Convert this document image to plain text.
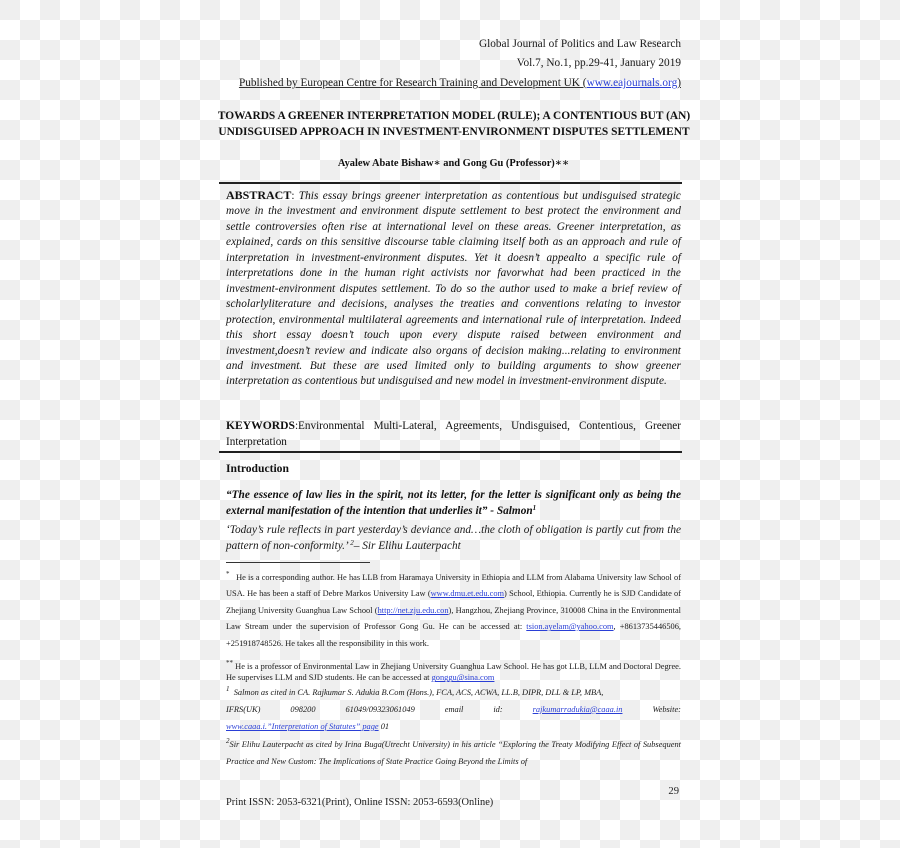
Global Journal of Politics and Law Research
Vol.7, No.1, pp.29-41, January 2019
Published by European Centre for Research Training and Development UK (www.eajournals.org)
TOWARDS A GREENER INTERPRETATION MODEL (RULE); A CONTENTIOUS BUT (AN) UNDISGUISED APPROACH IN INVESTMENT-ENVIRONMENT DISPUTES SETTLEMENT
Ayalew Abate Bishaw∗ and Gong Gu (Professor)∗∗
ABSTRACT: This essay brings greener interpretation as contentious but undisguised strategic move in the investment and environment dispute settlement to best protect the environment and settle controversies often rise at international level on these areas. Greener interpretation, as explained, cards on this sensitive discourse table claiming itself both as an approach and rule of interpretation in investment-environment disputes. Yet it doesn’t appealto a specific rule of interpretations done in the human right activists nor favorwhat had been practiced in the investment-environment disputes settlement. To do so the author used to make a brief review of scholarlyliterature and decisions, analyses the treaties and conventions relating to investor protection, environmental multilateral agreements and international rule of interpretation. Indeed this short essay doesn’t touch upon every dispute raised between environment and investment,doesn’t review and indicate also organs of decision making...relating to environment and investment. But these are used limited only to building arguments to show greener interpretation as contentious but undisguised and new model in investment-environment dispute.
KEYWORDS:Environmental Multi-Lateral, Agreements, Undisguised, Contentious, Greener Interpretation
Introduction
“The essence of law lies in the spirit, not its letter, for the letter is significant only as being the external manifestation of the intention that underlies it” - Salmon$^1$
‘Today’s rule reflects in part yesterday’s deviance and…the cloth of obligation is partly cut from the pattern of non-conformity.’ $^2$– Sir Elihu Lauterpacht
* He is a corresponding author. He has LLB from Haramaya University in Ethiopia and LLM from Alabama University law School of USA. He has been a staff of Debre Markos University Law (www.dmu.et.edu.com) School, Ethiopia. Currently he is SJD Candidate of Zhejiang University Guanghua Law School (http://net.zju.edu.con), Hangzhou, Zhejiang Province, 310008 China in the Environmental Law Stream under the supervision of Professor Gong Gu. He can be accessed at: tsion.ayelam@yahoo.com, +8613735446506, +251918748526. He takes all the responsibility in this work.
** He is a professor of Environmental Law in Zhejiang University Guanghua Law School. He has got LLB, LLM and Doctoral Degree. He supervises LLM and SJD students. He can be accessed at gonggu@sina.com
$^1$ Salmon as cited in CA. Rajkumar S. Adukia B.Com (Hons.), FCA, ACS, ACWA, LL.B, DIPR, DLL & LP, MBA,
IFRS(UK)	098200	61049/09323061049	email	id:	rajkumarradukia@caaa.in	Website:
www.caaa.i.”Interpretation of Statutes” page 01
$^2$Sir Elihu Lauterpacht as cited by Irina Buga(Utrecht University) in his article “Exploring the Treaty Modifying Effect of Subsequent Practice and New Custom: The Implications of State Practice Going Beyond the Limits of
29
Print ISSN: 2053-6321(Print), Online ISSN: 2053-6593(Online)
